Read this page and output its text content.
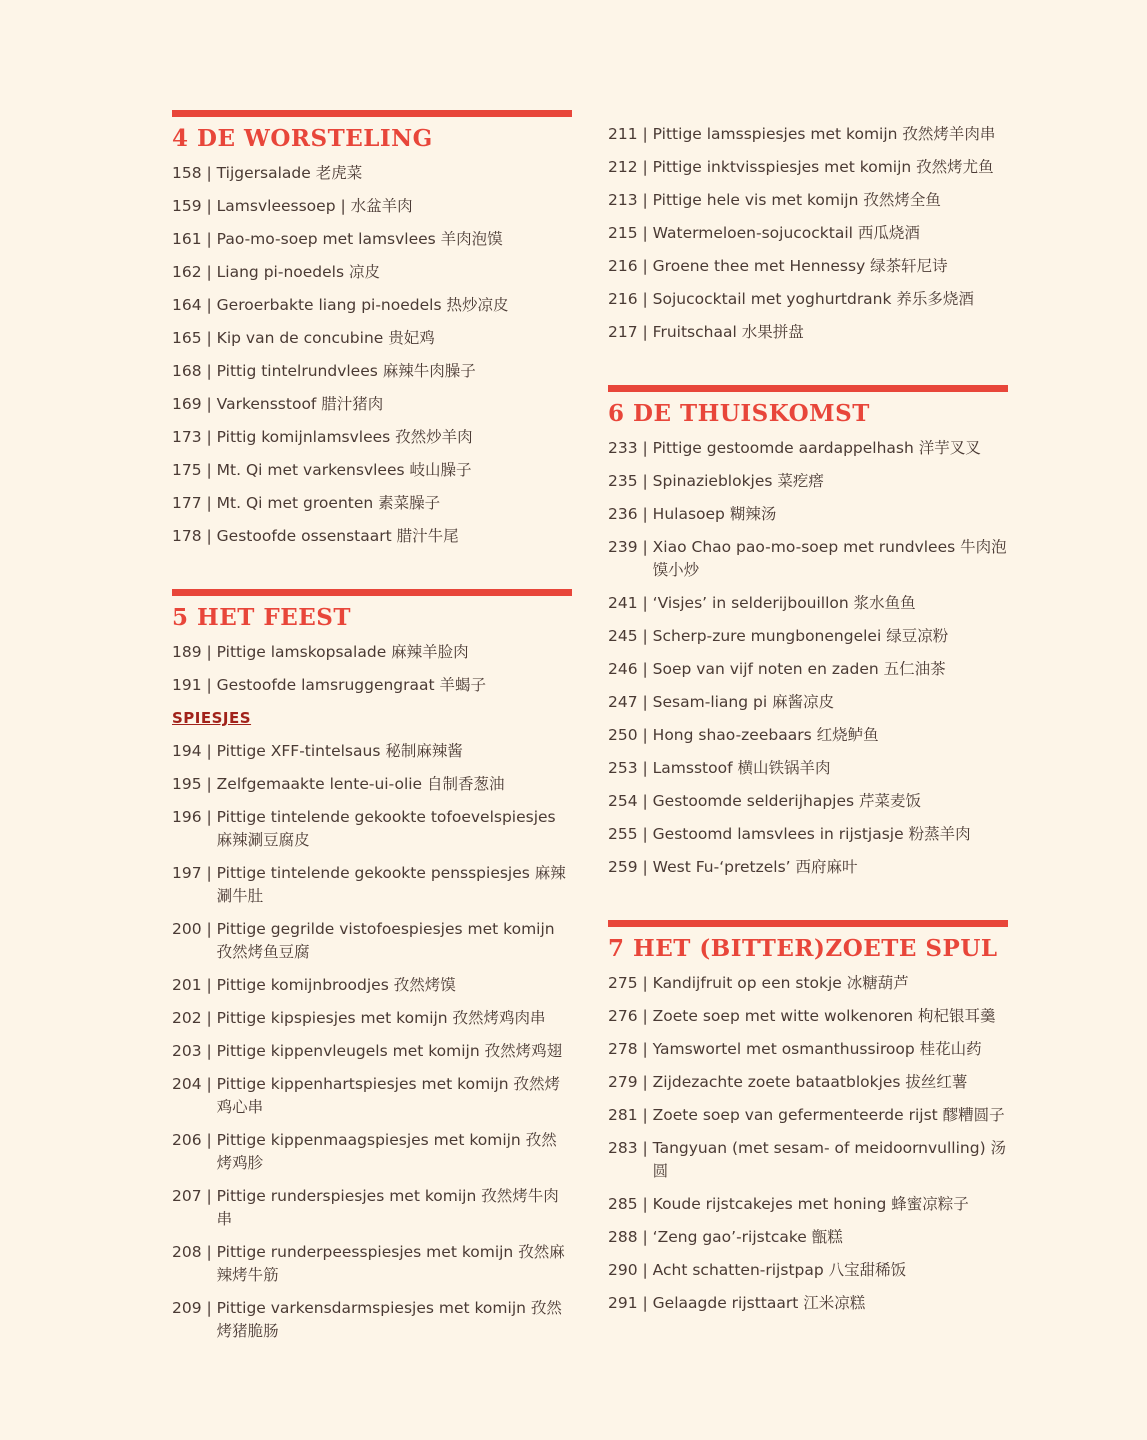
4 DE WORSTELING
158 | Tijgersalade 老虎菜
159 | Lamsvleessoep | 水盆羊肉
161 | Pao-mo-soep met lamsvlees 羊肉泡馍
162 | Liang pi-noedels 凉皮
164 | Geroerbakte liang pi-noedels 热炒凉皮
165 | Kip van de concubine 贵妃鸡
168 | Pittig tintelrundvlees 麻辣牛肉臊子
169 | Varkensstoof 腊汁猪肉
173 | Pittig komijnlamsvlees 孜然炒羊肉
175 | Mt. Qi met varkensvlees 岐山臊子
177 | Mt. Qi met groenten 素菜臊子
178 | Gestoofde ossenstaart 腊汁牛尾
5 HET FEEST
189 | Pittige lamskopsalade 麻辣羊脸肉
191 | Gestoofde lamsruggengraat 羊蝎子
SPIESJES
194 | Pittige XFF-tintelsaus 秘制麻辣酱
195 | Zelfgemaakte lente-ui-olie 自制香葱油
196 | Pittige tintelende gekookte tofoevelspiesjes 麻辣涮豆腐皮
197 | Pittige tintelende gekookte pensspiesjes 麻辣涮牛肚
200 | Pittige gegrilde vistofoespiesjes met komijn 孜然烤鱼豆腐
201 | Pittige komijnbroodjes 孜然烤馍
202 | Pittige kipspiesjes met komijn 孜然烤鸡肉串
203 | Pittige kippenvleugels met komijn 孜然烤鸡翅
204 | Pittige kippenhartspiesjes met komijn 孜然烤鸡心串
206 | Pittige kippenmaagspiesjes met komijn 孜然烤鸡胗
207 | Pittige runderspiesjes met komijn 孜然烤牛肉串
208 | Pittige runderpeesspiesjes met komijn 孜然麻辣烤牛筋
209 | Pittige varkensdarmspiesjes met komijn 孜然烤猪脆肠
211 | Pittige lamsspiesjes met komijn 孜然烤羊肉串
212 | Pittige inktvisspiesjes met komijn 孜然烤尤鱼
213 | Pittige hele vis met komijn 孜然烤全鱼
215 | Watermeloen-sojucocktail 西瓜烧酒
216 | Groene thee met Hennessy 绿茶轩尼诗
216 | Sojucocktail met yoghurtdrank 养乐多烧酒
217 | Fruitschaal 水果拼盘
6 DE THUISKOMST
233 | Pittige gestoomde aardappelhash 洋芋叉叉
235 | Spinazieblokjes 菜疙瘩
236 | Hulasoep 糊辣汤
239 | Xiao Chao pao-mo-soep met rundvlees 牛肉泡馍小炒
241 | ‘Visjes’ in selderijbouillon 浆水鱼鱼
245 | Scherp-zure mungbonengelei 绿豆凉粉
246 | Soep van vijf noten en zaden 五仁油茶
247 | Sesam-liang pi 麻酱凉皮
250 | Hong shao-zeebaars 红烧鲈鱼
253 | Lamsstoof 横山铁锅羊肉
254 | Gestoomde selderijhapjes 芹菜麦饭
255 | Gestoomd lamsvlees in rijstjasje 粉蒸羊肉
259 | West Fu-‘pretzels’ 西府麻叶
7 HET (BITTER)ZOETE SPUL
275 | Kandijfruit op een stokje 冰糖葫芦
276 | Zoete soep met witte wolkenoren 枸杞银耳羹
278 | Yamswortel met osmanthussiroop 桂花山药
279 | Zijdezachte zoete bataatblokjes 拔丝红薯
281 | Zoete soep van gefermenteerde rijst 醪糟圆子
283 | Tangyuan (met sesam- of meidoornvulling) 汤圆
285 | Koude rijstcakejes met honing 蜂蜜凉粽子
288 | ‘Zeng gao’-rijstcake 甑糕
290 | Acht schatten-rijstpap 八宝甜稀饭
291 | Gelaagde rijsttaart 江米凉糕
